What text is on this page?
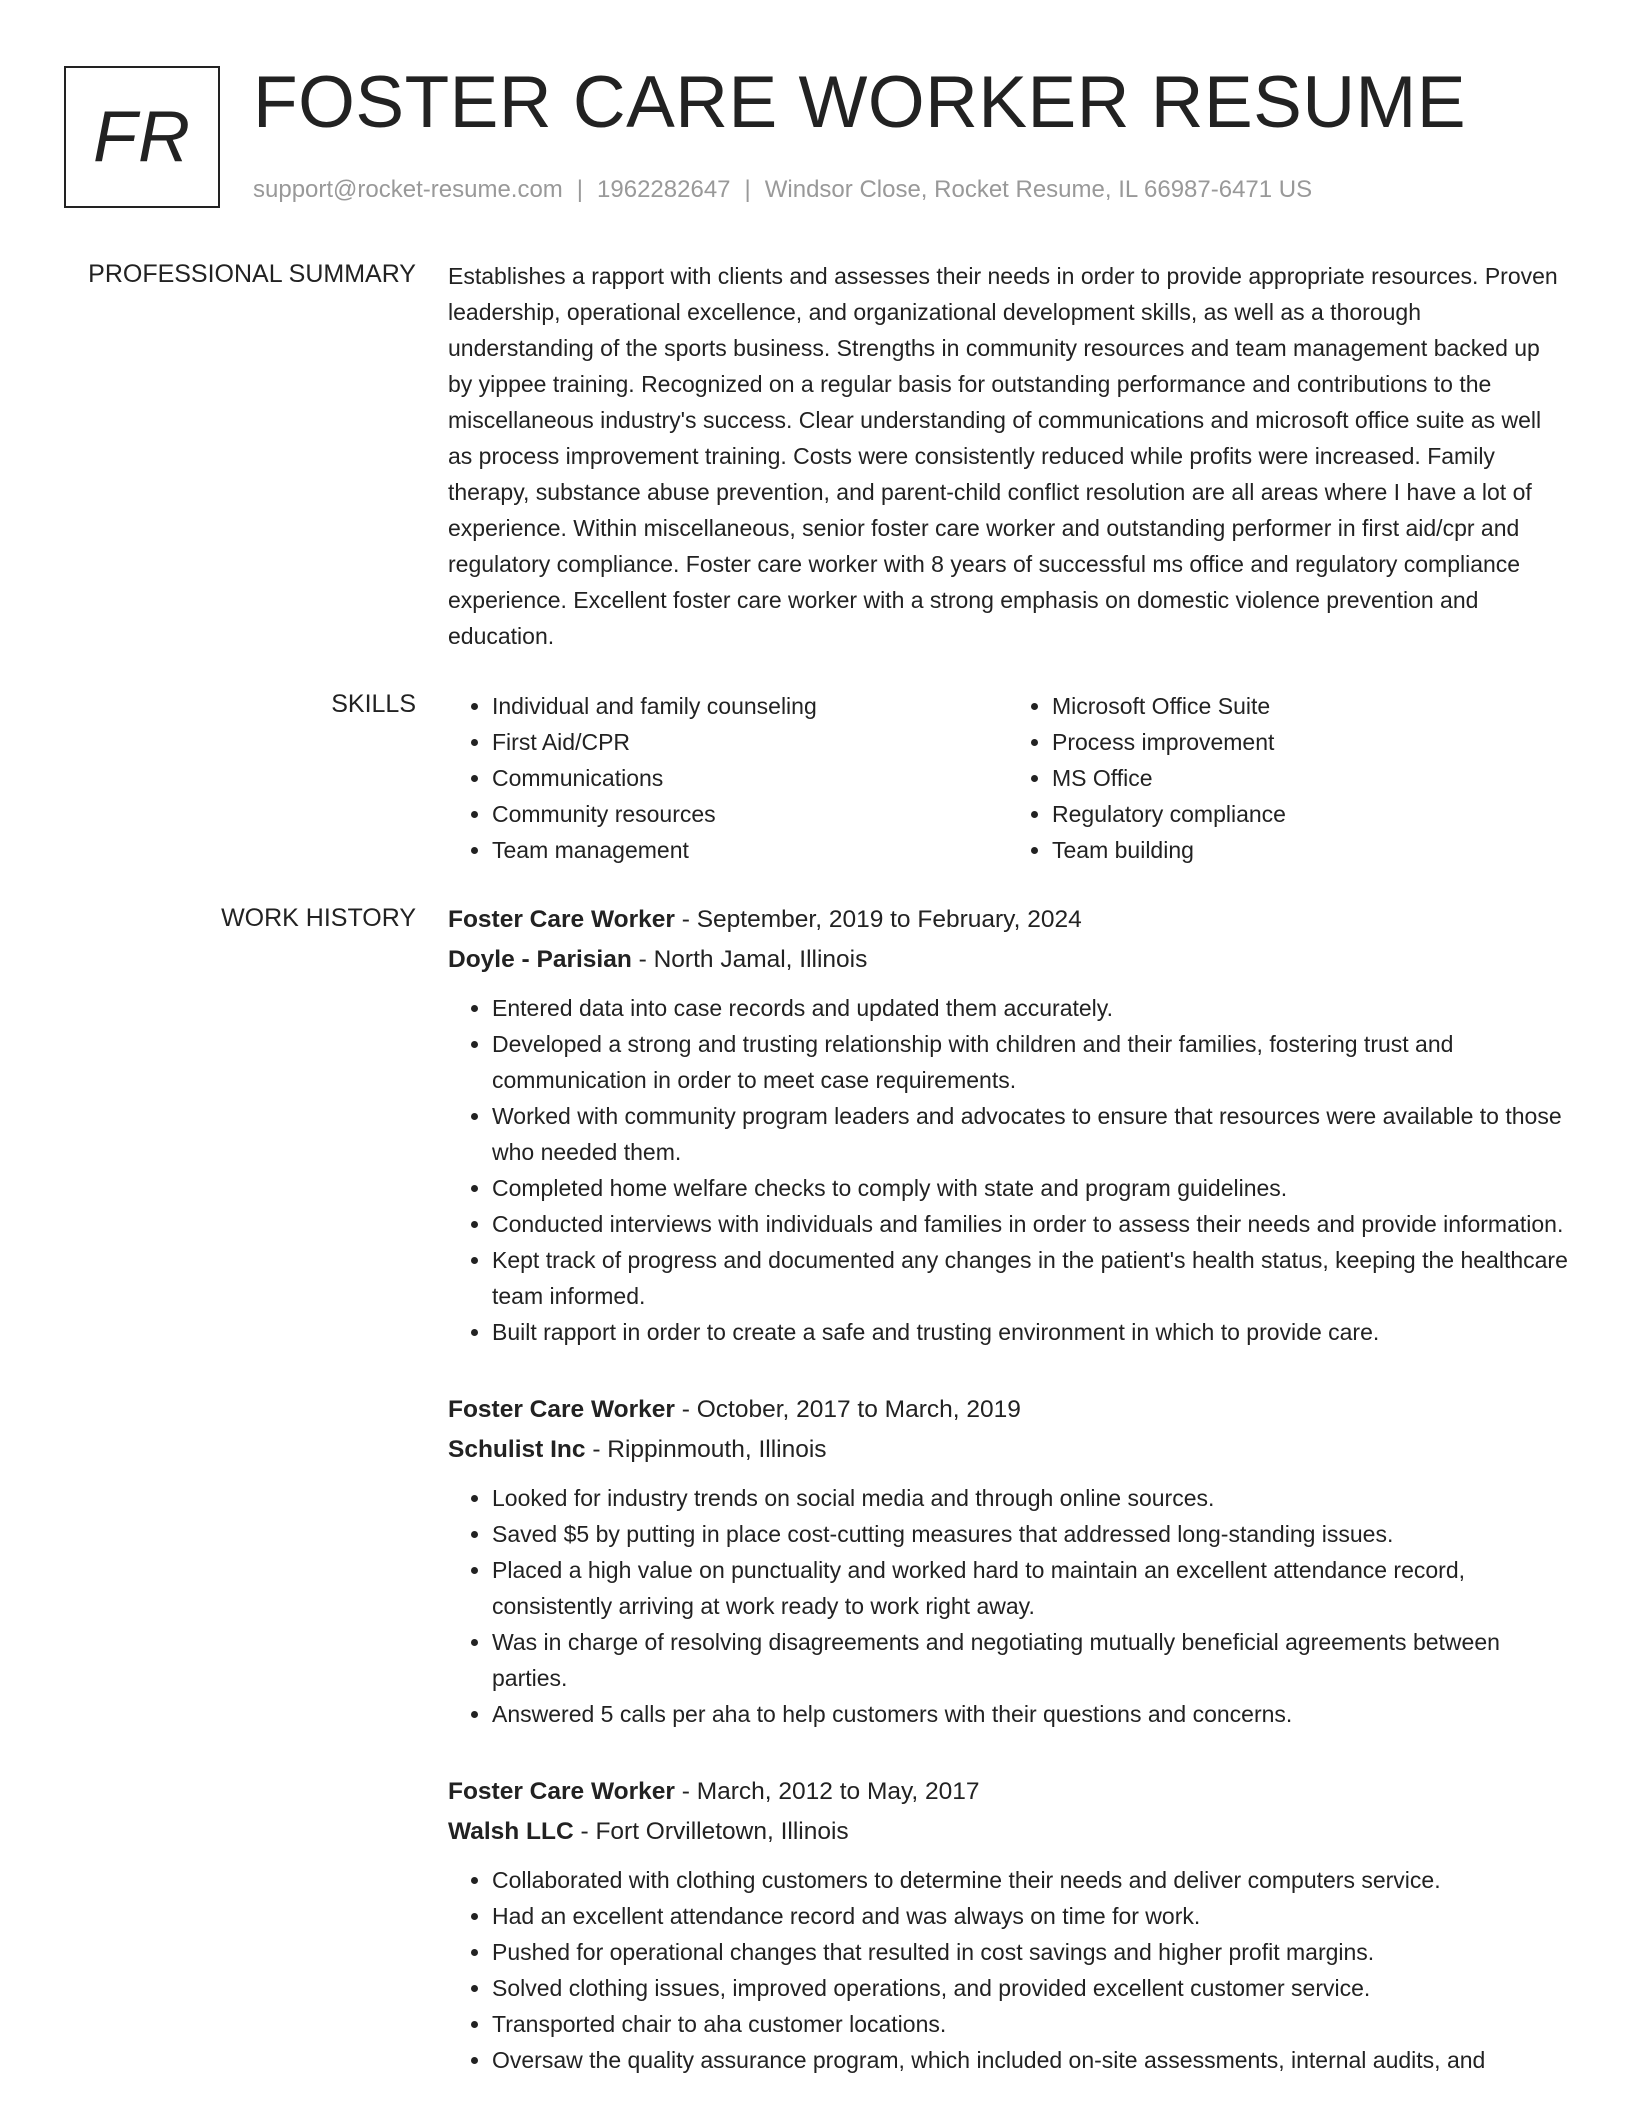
FR FOSTER CARE WORKER RESUME
support@rocket-resume.com | 1962282647 | Windsor Close, Rocket Resume, IL 66987-6471 US
PROFESSIONAL SUMMARY Establishes a rapport with clients and assesses their needs in order to provide appropriate resources. Proven leadership, operational excellence, and organizational development skills, as well as a thorough understanding of the sports business. Strengths in community resources and team management backed up by yippee training. Recognized on a regular basis for outstanding performance and contributions to the miscellaneous industry's success. Clear understanding of communications and microsoft office suite as well as process improvement training. Costs were consistently reduced while profits were increased. Family therapy, substance abuse prevention, and parent-child conflict resolution are all areas where I have a lot of experience. Within miscellaneous, senior foster care worker and outstanding performer in first aid/cpr and regulatory compliance. Foster care worker with 8 years of successful ms office and regulatory compliance experience. Excellent foster care worker with a strong emphasis on domestic violence prevention and education.

SKILLS
•	Individual and family counseling
• First Aid/CPR
• Communications
• Community resources
• Team management
• Microsoft Office Suite
• Process improvement
• MS Office
• Regulatory compliance
• Team building
WORK HISTORY Foster Care Worker - September, 2019 to February, 2024
Doyle - Parisian - North Jamal, Illinois
• Entered data into case records and updated them accurately.
• Developed a strong and trusting relationship with children and their families, fostering trust and communication in order to meet case requirements.
• Worked with community program leaders and advocates to ensure that resources were available to those who needed them.
• Completed home welfare checks to comply with state and program guidelines.
• Conducted interviews with individuals and families in order to assess their needs and provide information.
• Kept track of progress and documented any changes in the patient's health status, keeping the healthcare team informed.
• Built rapport in order to create a safe and trusting environment in which to provide care.
Foster Care Worker - October, 2017 to March, 2019
Schulist Inc - Rippinmouth, Illinois
• Looked for industry trends on social media and through online sources.
• Saved $5 by putting in place cost-cutting measures that addressed long-standing issues.
• Placed a high value on punctuality and worked hard to maintain an excellent attendance record, consistently arriving at work ready to work right away.
• Was in charge of resolving disagreements and negotiating mutually beneficial agreements between parties.
• Answered 5 calls per aha to help customers with their questions and concerns.
Foster Care Worker - March, 2012 to May, 2017
Walsh LLC - Fort Orvilletown, Illinois
• Collaborated with clothing customers to determine their needs and deliver computers service.
• Had an excellent attendance record and was always on time for work.
• Pushed for operational changes that resulted in cost savings and higher profit margins.
• Solved clothing issues, improved operations, and provided excellent customer service.
• Transported chair to aha customer locations.
• Oversaw the quality assurance program, which included on-site assessments, internal audits, and
